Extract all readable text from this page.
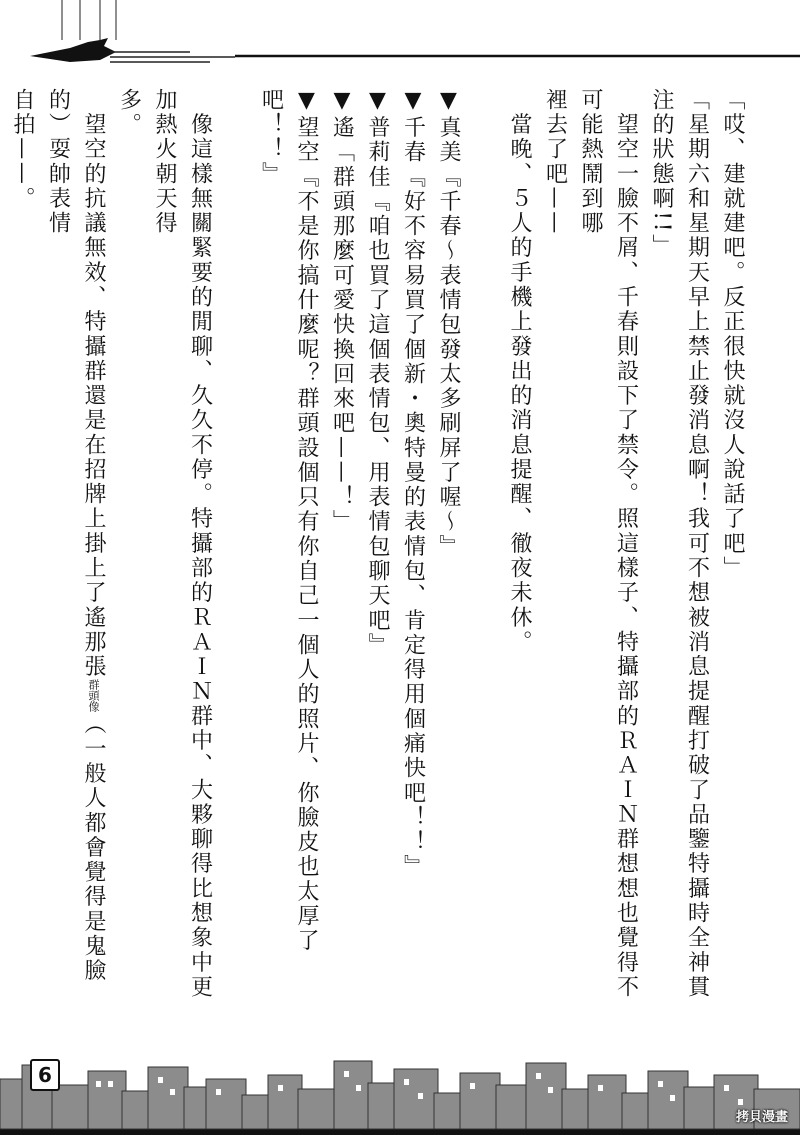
「哎、建就建吧。反正很快就沒人說話了吧」

「星期六和星期天早上禁止發消息啊！我可不想被消息提醒打破了品鑒特攝時全神貫注的狀態啊!!」

　望空一臉不屑、千春則設下了禁令。照這樣子、特攝部的ＲＡＩＮ群想想也覺得不可能熱鬧到哪

裡去了吧——

　當晚、５人的手機上發出的消息提醒、徹夜未休。

▼真美『千春～表情包發太多刷屏了喔～』

▼千春『好不容易買了個新・奧特曼的表情包、肯定得用個痛快吧！！』

▼普莉佳『咱也買了這個表情包、用表情包聊天吧』

▼遙「群頭那麼可愛快換回來吧——！」

▼望空『不是你搞什麼呢？群頭設個只有你自己一個人的照片、你臉皮也太厚了吧！！』

　像這樣無關緊要的閒聊、久久不停。特攝部的ＲＡＩＮ群中、大夥聊得比想象中更加熱火朝天得

多。

　望空的抗議無效、特攝群還是在招牌上掛上了遙那張群頭像（一般人都會覺得是鬼臉的）耍帥表情

自拍——。

6
拷貝漫畫
